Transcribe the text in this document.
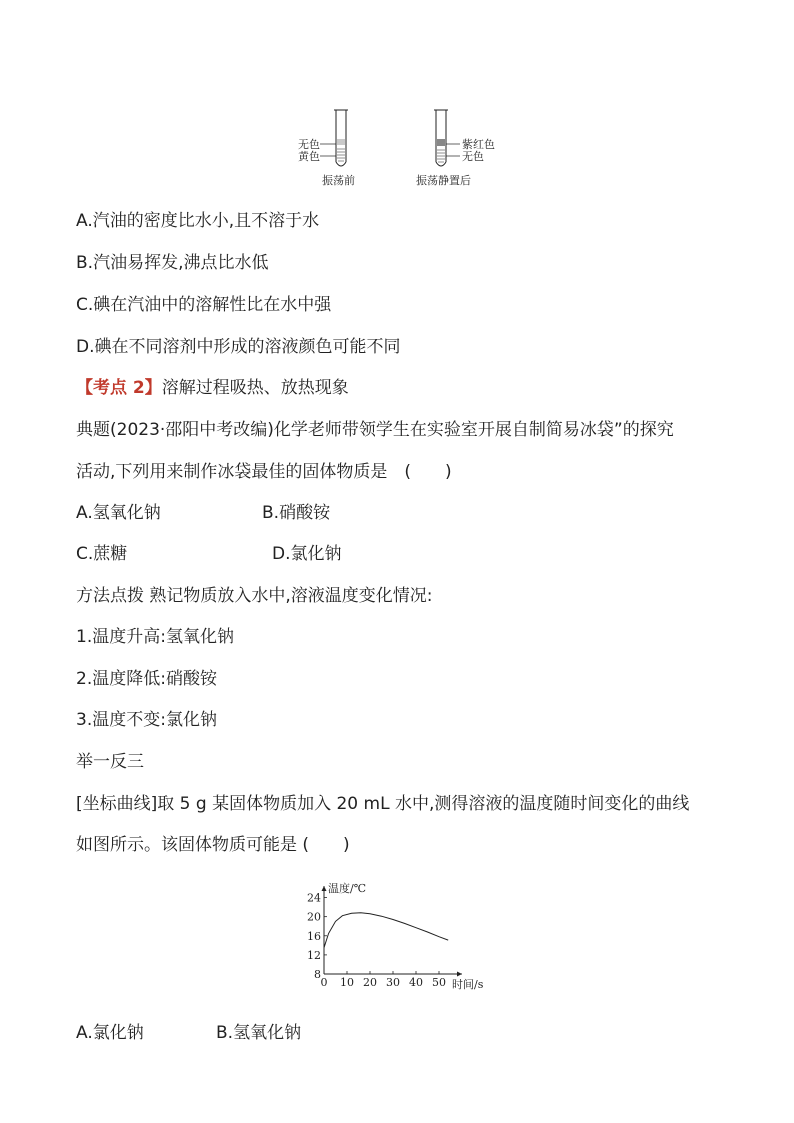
无色
黄色
振荡前
紫红色
无色
振荡静置后
A.汽油的密度比水小,且不溶于水
B.汽油易挥发,沸点比水低
C.碘在汽油中的溶解性比在水中强
D.碘在不同溶剂中形成的溶液颜色可能不同
【考点 2】溶解过程吸热、放热现象
典题(2023·邵阳中考改编)化学老师带领学生在实验室开展自制简易冰袋”的探究
活动,下列用来制作冰袋最佳的固体物质是　(　　)
A.氢氧化钠	B.硝酸铵
C.蔗糖	D.氯化钠
方法点拨 熟记物质放入水中,溶液温度变化情况:
1.温度升高:氢氧化钠
2.温度降低:硝酸铵
3.温度不变:氯化钠
举一反三
[坐标曲线]取 5 g 某固体物质加入 20 mL 水中,测得溶液的温度随时间变化的曲线
如图所示。该固体物质可能是 (　　)
0 10 20 30 40 50
8
12
16
20
24
温度/℃
时间/s
A.氯化钠	B.氢氧化钠
